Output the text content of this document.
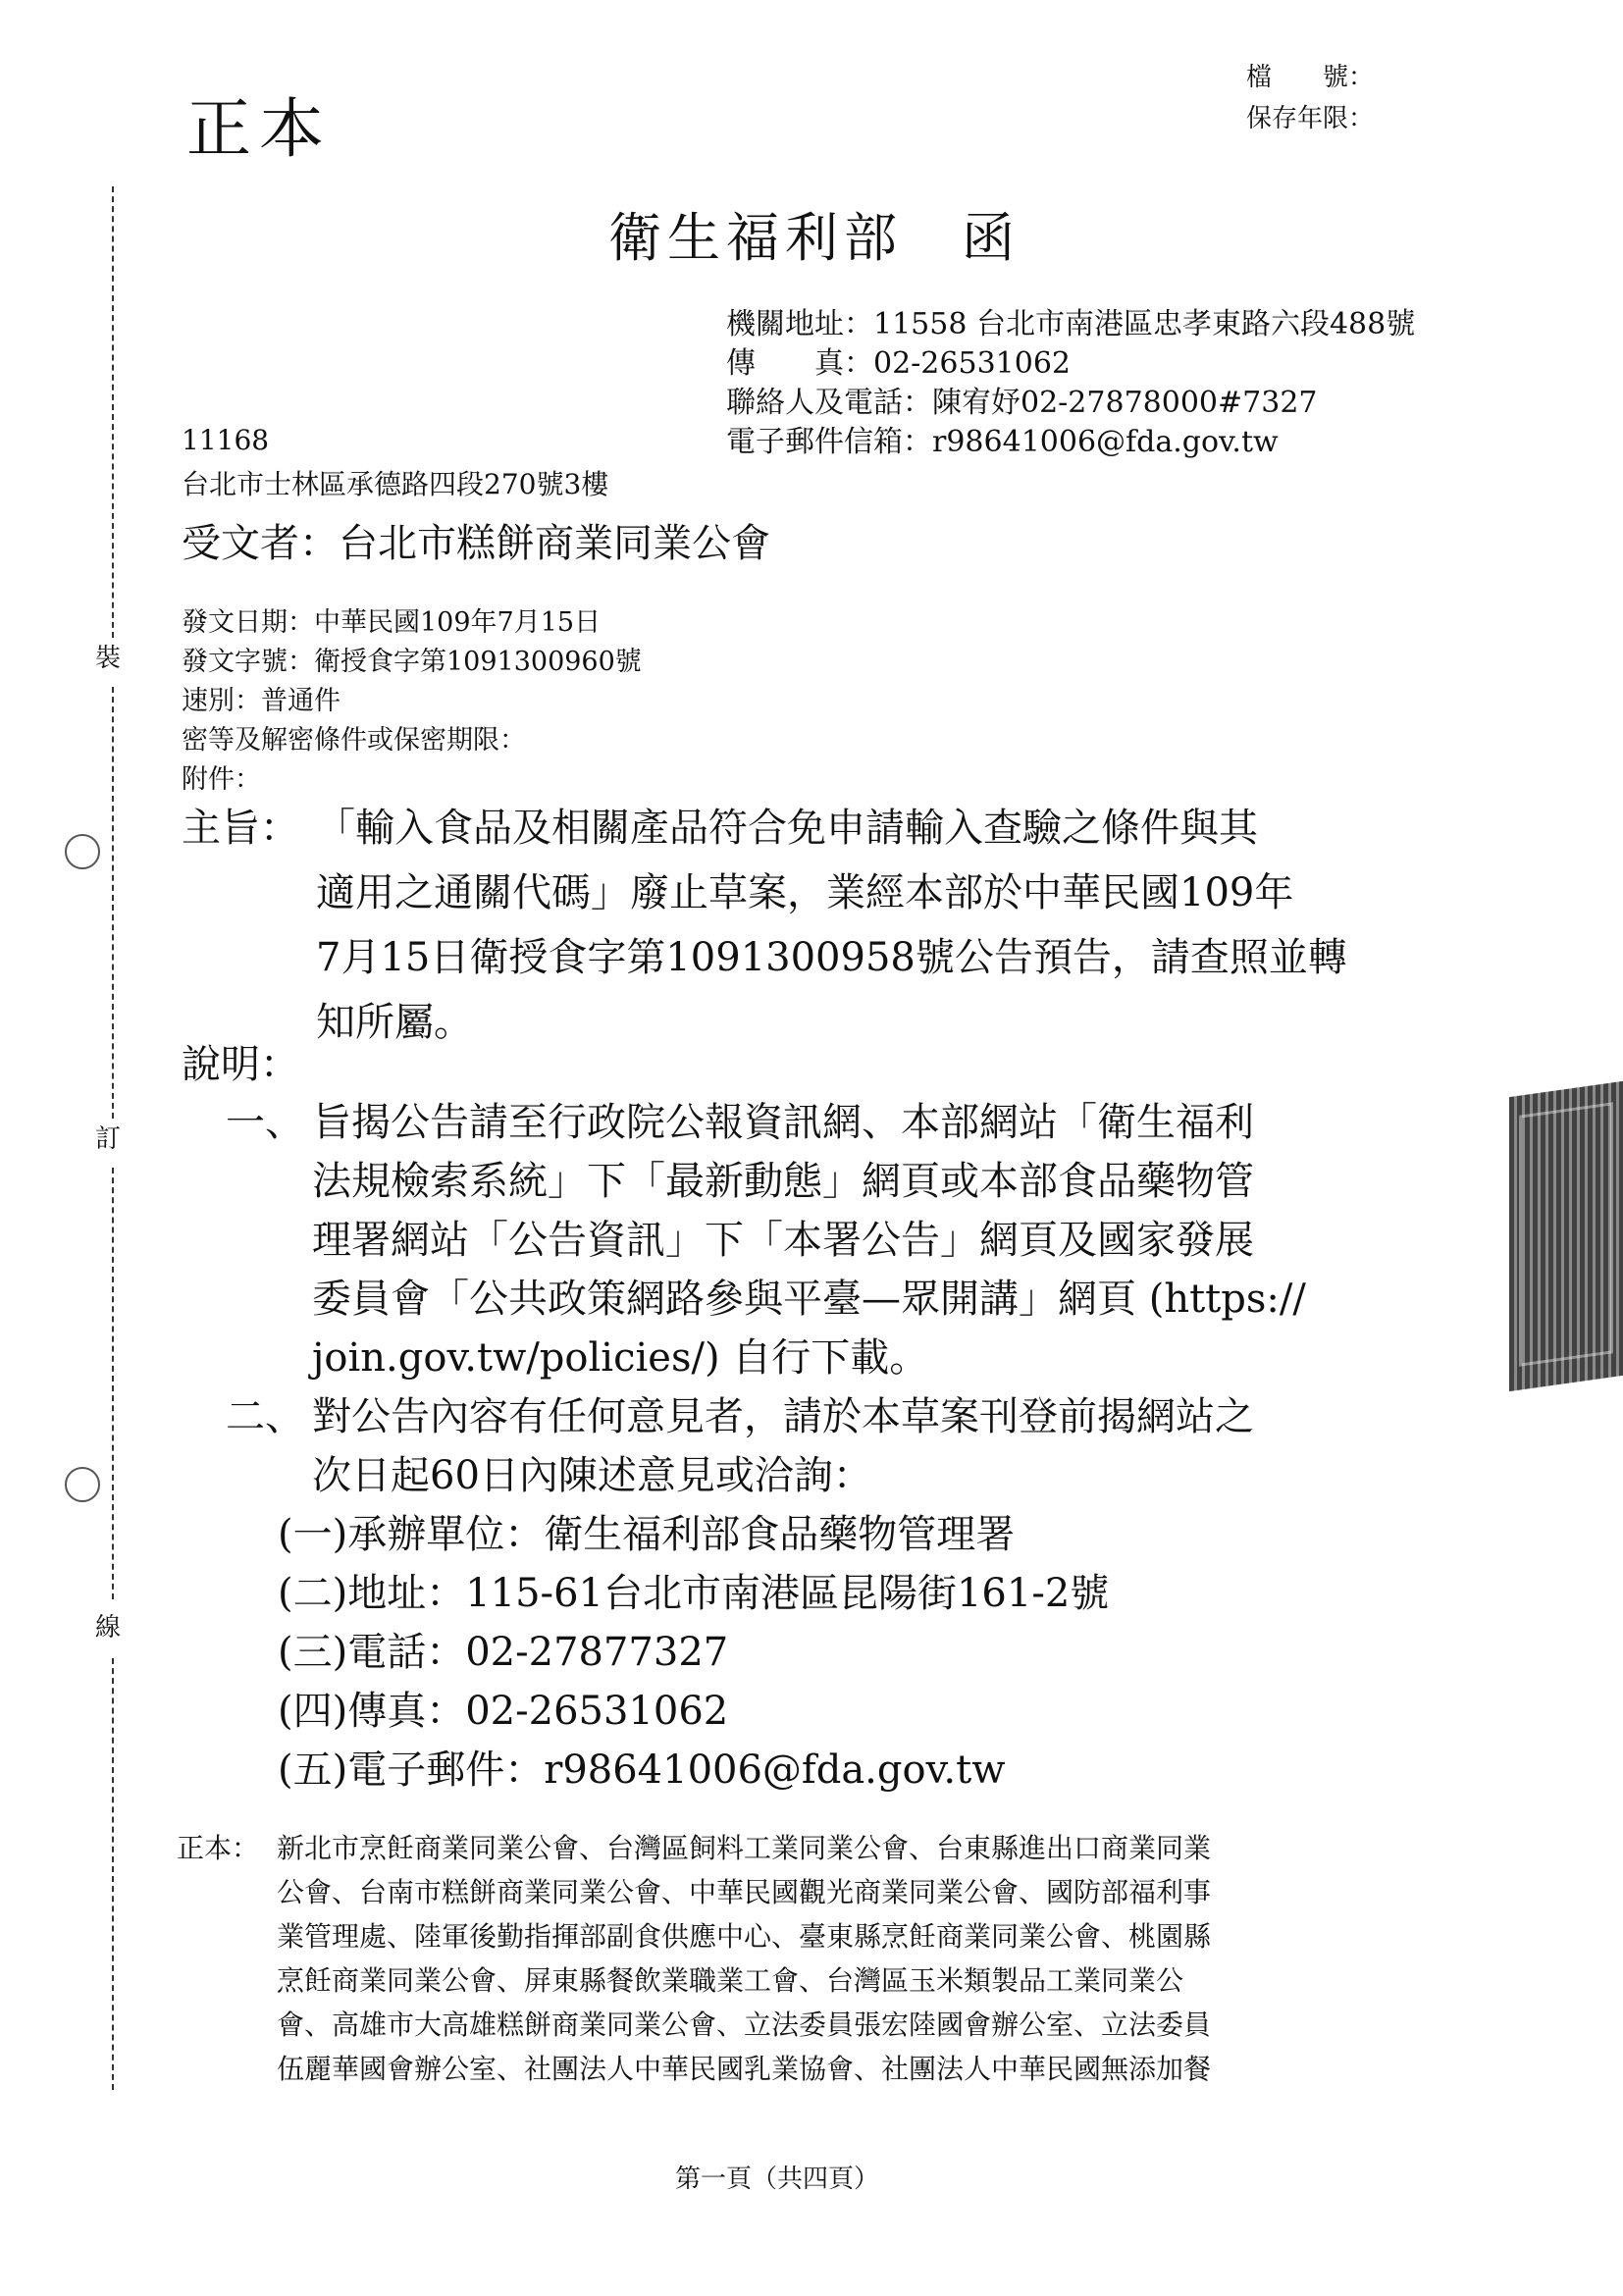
裝
訂
線
正本
檔　　號：
保存年限：
衛生福利部　函
機關地址：11558 台北市南港區忠孝東路六段488號
傳　　真：02-26531062
聯絡人及電話：陳宥妤02-27878000#7327
電子郵件信箱：r98641006@fda.gov.tw
11168
台北市士林區承德路四段270號3樓
受文者：台北市糕餅商業同業公會
發文日期：中華民國109年7月15日
發文字號：衛授食字第1091300960號
速別：普通件
密等及解密條件或保密期限：
附件：
主旨： 「輸入食品及相關產品符合免申請輸入查驗之條件與其
適用之通關代碼」廢止草案，業經本部於中華民國109年
7月15日衛授食字第1091300958號公告預告，請查照並轉
知所屬。
說明：
一、 旨揭公告請至行政院公報資訊網、本部網站「衛生福利
法規檢索系統」下「最新動態」網頁或本部食品藥物管
理署網站「公告資訊」下「本署公告」網頁及國家發展
委員會「公共政策網路參與平臺—眾開講」網頁 (https://
join.gov.tw/policies/) 自行下載。
二、 對公告內容有任何意見者，請於本草案刊登前揭網站之
次日起60日內陳述意見或洽詢：
(一)承辦單位：衛生福利部食品藥物管理署
(二)地址：115-61台北市南港區昆陽街161-2號
(三)電話：02-27877327
(四)傳真：02-26531062
(五)電子郵件：r98641006@fda.gov.tw
正本： 新北市烹飪商業同業公會、台灣區飼料工業同業公會、台東縣進出口商業同業
公會、台南市糕餅商業同業公會、中華民國觀光商業同業公會、國防部福利事
業管理處、陸軍後勤指揮部副食供應中心、臺東縣烹飪商業同業公會、桃園縣
烹飪商業同業公會、屏東縣餐飲業職業工會、台灣區玉米類製品工業同業公
會、高雄市大高雄糕餅商業同業公會、立法委員張宏陸國會辦公室、立法委員
伍麗華國會辦公室、社團法人中華民國乳業協會、社團法人中華民國無添加餐
第一頁（共四頁）
